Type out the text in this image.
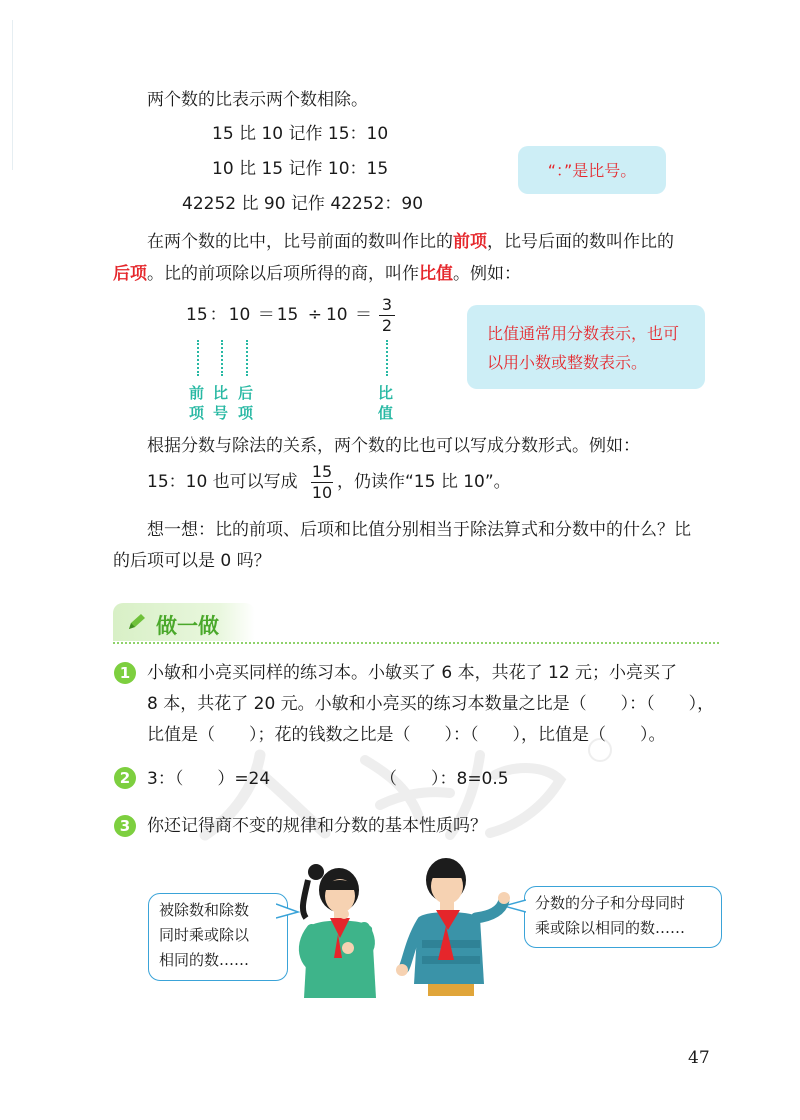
两个数的比表示两个数相除。
15 比 10 记作 15：10
10 比 15 记作 10：15
42252 比 90 记作 42252：90
“：”是比号。
在两个数的比中，比号前面的数叫作比的前项，比号后面的数叫作比的
后项。比的前项除以后项所得的商，叫作比值。例如：
15 ： 10 ＝ 15 ÷ 10 ＝
3
2
前
项
比
号
后
项
比
值
比值通常用分数表示，也可
以用小数或整数表示。
根据分数与除法的关系，两个数的比也可以写成分数形式。例如：
15：10 也可以写成
15
10
，仍读作“15 比 10”。
想一想：比的前项、后项和比值分别相当于除法算式和分数中的什么？比
的后项可以是 0 吗？
做一做
1 小敏和小亮买同样的练习本。小敏买了 6 本，共花了 12 元；小亮买了
8 本，共花了 20 元。小敏和小亮买的练习本数量之比是（　　）：（　　），
比值是（　　）；花的钱数之比是（　　）：（　　），比值是（　　）。
2 3：（　　）=24	（　　）：8=0.5
3 你还记得商不变的规律和分数的基本性质吗？
被除数和除数
同时乘或除以
相同的数……
分数的分子和分母同时
乘或除以相同的数……
47
